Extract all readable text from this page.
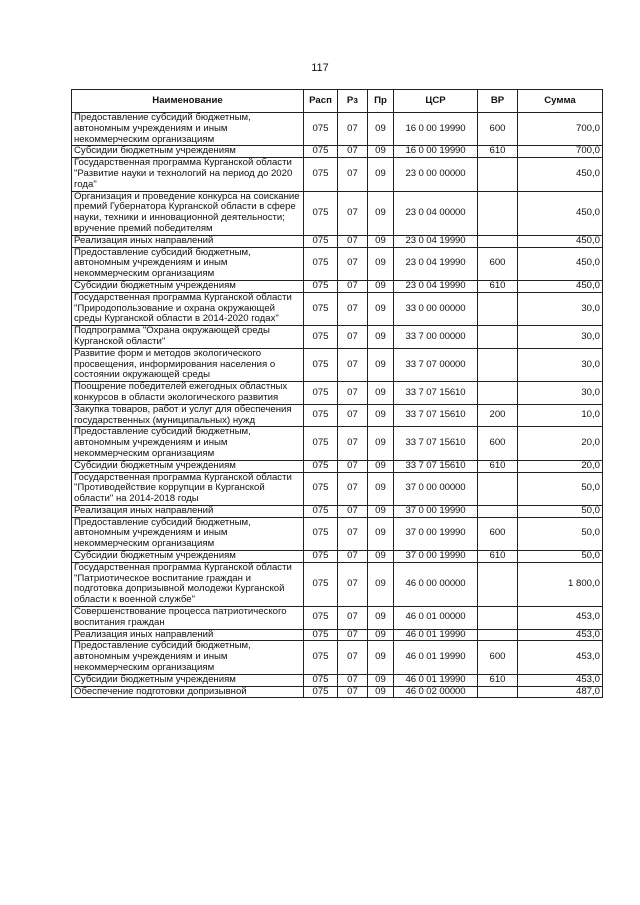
117
Наименование	Расп	Рз	Пр	ЦСР	ВР	Сумма
Предоставление субсидий бюджетным, автономным учреждениям и иным некоммерческим организациям	075	07	09	16 0 00 19990	600	700,0
Субсидии бюджетным учреждениям	075	07	09	16 0 00 19990	610	700,0
Государственная программа Курганской области "Развитие науки и технологий на период до 2020 года"	075	07	09	23 0 00 00000		450,0
Организация и проведение конкурса на соискание премий Губернатора Курганской области в сфере науки, техники и инновационной деятельности; вручение премий победителям	075	07	09	23 0 04 00000		450,0
Реализация иных направлений	075	07	09	23 0 04 19990		450,0
Предоставление субсидий бюджетным, автономным учреждениям и иным некоммерческим организациям	075	07	09	23 0 04 19990	600	450,0
Субсидии бюджетным учреждениям	075	07	09	23 0 04 19990	610	450,0
Государственная программа Курганской области "Природопользование и охрана окружающей среды Курганской области в 2014-2020 годах"	075	07	09	33 0 00 00000		30,0
Подпрограмма "Охрана окружающей среды Курганской области"	075	07	09	33 7 00 00000		30,0
Развитие форм и методов экологического просвещения, информирования населения о состоянии окружающей среды	075	07	09	33 7 07 00000		30,0
Поощрение победителей ежегодных областных конкурсов в области экологического развития	075	07	09	33 7 07 15610		30,0
Закупка товаров, работ и услуг для обеспечения государственных (муниципальных) нужд	075	07	09	33 7 07 15610	200	10,0
Предоставление субсидий бюджетным, автономным учреждениям и иным некоммерческим организациям	075	07	09	33 7 07 15610	600	20,0
Субсидии бюджетным учреждениям	075	07	09	33 7 07 15610	610	20,0
Государственная программа Курганской области "Противодействие коррупции в Курганской области" на 2014-2018 годы	075	07	09	37 0 00 00000		50,0
Реализация иных направлений	075	07	09	37 0 00 19990		50,0
Предоставление субсидий бюджетным, автономным учреждениям и иным некоммерческим организациям	075	07	09	37 0 00 19990	600	50,0
Субсидии бюджетным учреждениям	075	07	09	37 0 00 19990	610	50,0
Государственная программа Курганской области "Патриотическое воспитание граждан и подготовка допризывной молодежи Курганской области к военной службе"	075	07	09	46 0 00 00000		1 800,0
Совершенствование процесса патриотического воспитания граждан	075	07	09	46 0 01 00000		453,0
Реализация иных направлений	075	07	09	46 0 01 19990		453,0
Предоставление субсидий бюджетным, автономным учреждениям и иным некоммерческим организациям	075	07	09	46 0 01 19990	600	453,0
Субсидии бюджетным учреждениям	075	07	09	46 0 01 19990	610	453,0
Обеспечение подготовки допризывной	075	07	09	46 0 02 00000		487,0
